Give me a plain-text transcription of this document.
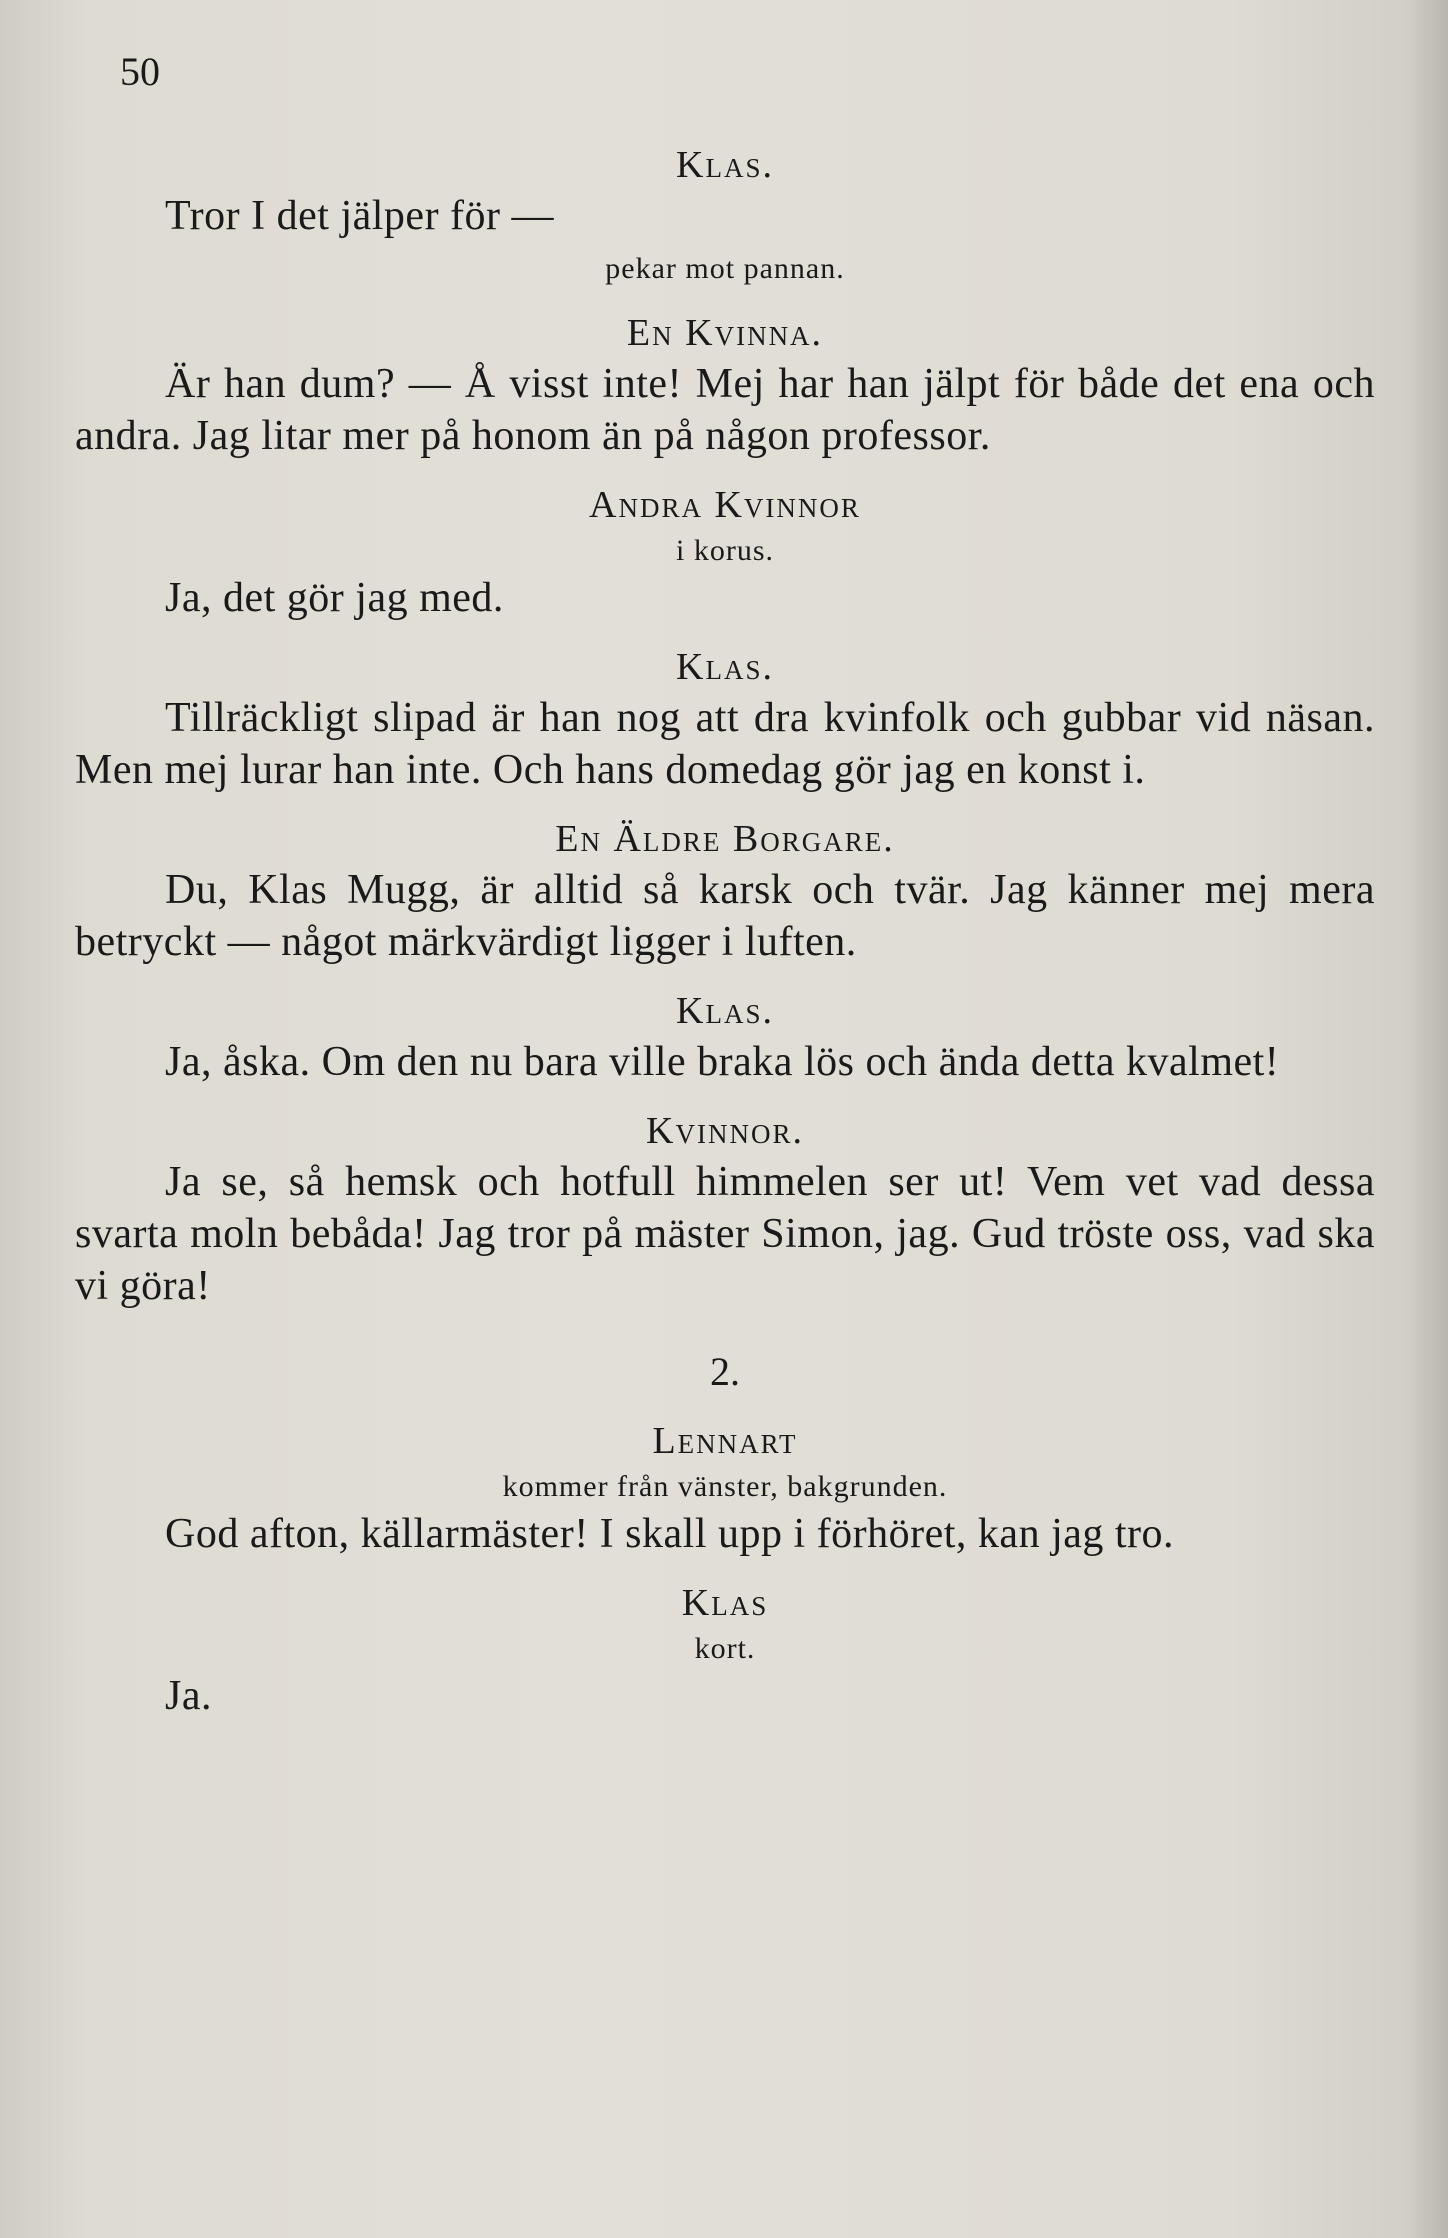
50
Klas.
Tror I det jälper för —
pekar mot pannan.
En Kvinna.
Är han dum? — Å visst inte! Mej har han jälpt för både det ena och andra. Jag litar mer på honom än på någon professor.
Andra Kvinnor
i korus.
Ja, det gör jag med.
Klas.
Tillräckligt slipad är han nog att dra kvinfolk och gubbar vid näsan. Men mej lurar han inte. Och hans domedag gör jag en konst i.
En Äldre Borgare.
Du, Klas Mugg, är alltid så karsk och tvär. Jag känner mej mera betryckt — något märkvärdigt ligger i luften.
Klas.
Ja, åska. Om den nu bara ville braka lös och ända detta kvalmet!
Kvinnor.
Ja se, så hemsk och hotfull himmelen ser ut! Vem vet vad dessa svarta moln bebåda! Jag tror på mäster Simon, jag. Gud tröste oss, vad ska vi göra!
2.
Lennart
kommer från vänster, bakgrunden.
God afton, källarmäster! I skall upp i förhöret, kan jag tro.
Klas
kort.
Ja.
